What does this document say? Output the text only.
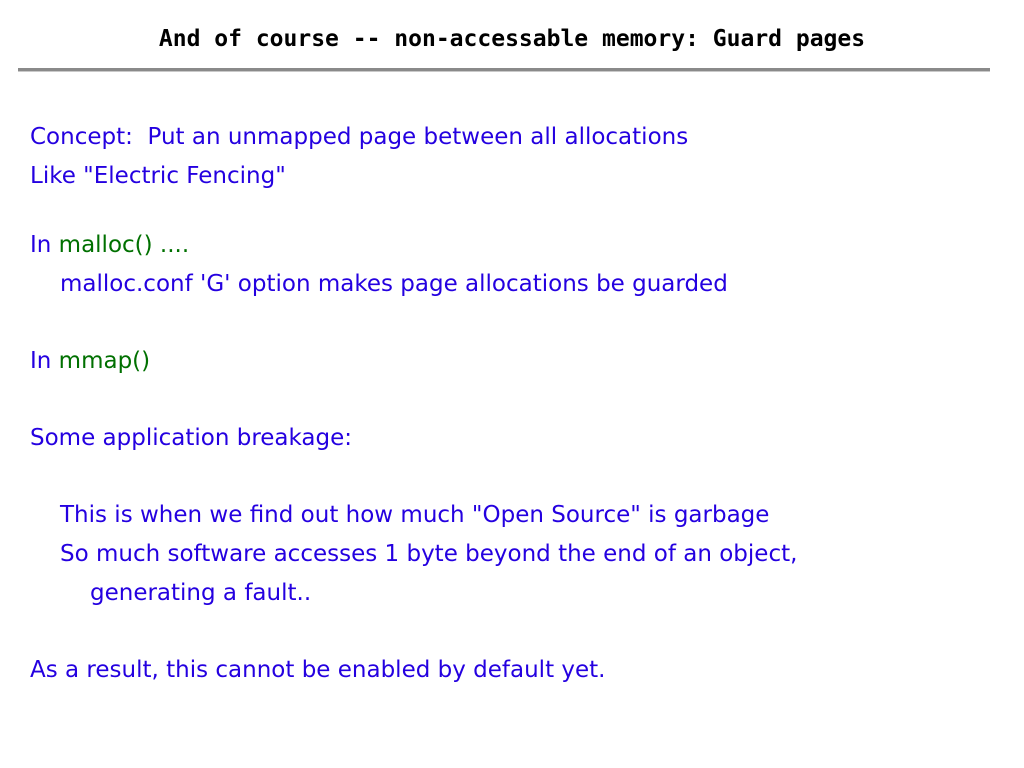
And of course -- non-accessable memory: Guard pages
Concept:  Put an unmapped page between all allocations
Like "Electric Fencing"
In malloc() ....
malloc.conf 'G' option makes page allocations be guarded
In mmap()
Some application breakage:
This is when we find out how much "Open Source" is garbage
So much software accesses 1 byte beyond the end of an object,
generating a fault..
As a result, this cannot be enabled by default yet.
